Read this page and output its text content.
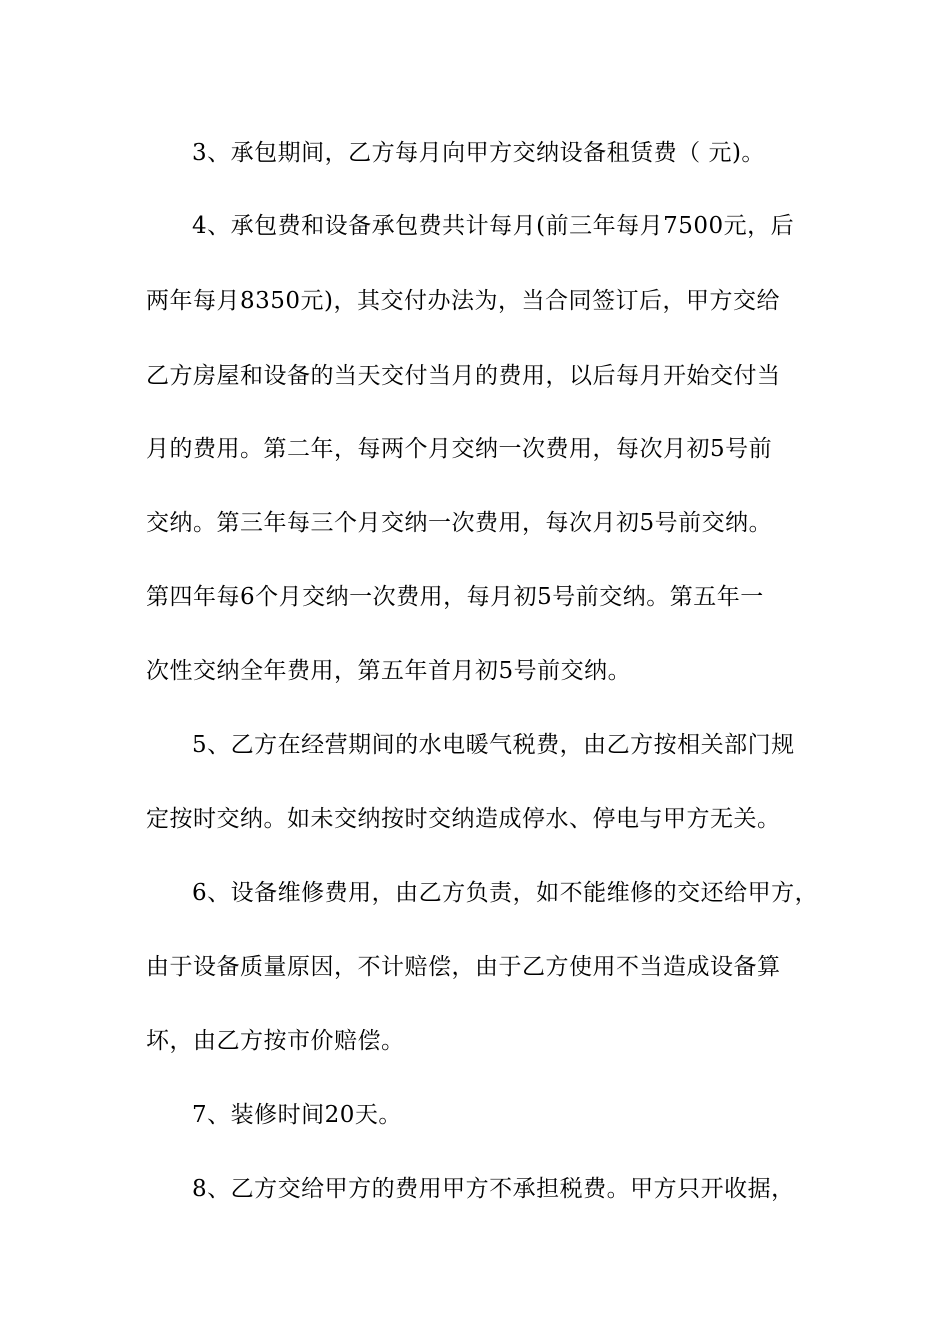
3、承包期间，乙方每月向甲方交纳设备租赁费（ 元)。
4、承包费和设备承包费共计每月(前三年每月7500元，后
两年每月8350元)，其交付办法为，当合同签订后，甲方交给
乙方房屋和设备的当天交付当月的费用，以后每月开始交付当
月的费用。第二年，每两个月交纳一次费用，每次月初5号前
交纳。第三年每三个月交纳一次费用，每次月初5号前交纳。
第四年每6个月交纳一次费用，每月初5号前交纳。第五年一
次性交纳全年费用，第五年首月初5号前交纳。
5、乙方在经营期间的水电暖气税费，由乙方按相关部门规
定按时交纳。如未交纳按时交纳造成停水、停电与甲方无关。
6、设备维修费用，由乙方负责，如不能维修的交还给甲方，
由于设备质量原因，不计赔偿，由于乙方使用不当造成设备算
坏，由乙方按市价赔偿。
7、装修时间20天。
8、乙方交给甲方的费用甲方不承担税费。甲方只开收据，
